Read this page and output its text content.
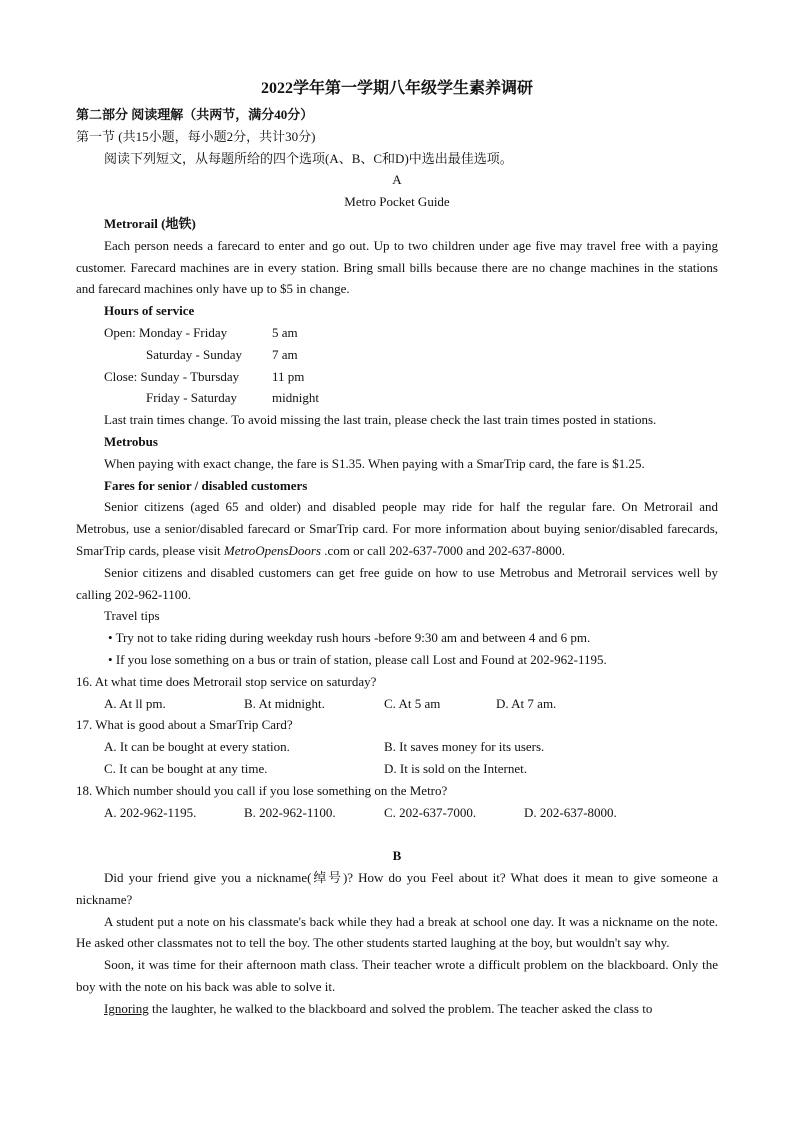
2022学年第一学期八年级学生素养调研
第二部分 阅读理解（共两节，满分40分）
第一节 (共15小题，每小题2分，共计30分)
阅读下列短文，从每题所给的四个选项(A、B、C和D)中选出最佳选项。
A
Metro Pocket Guide
Metrorail (地铁)

Each person needs a farecard to enter and go out. Up to two children under age five may travel free with a paying customer. Farecard machines are in every station. Bring small bills because there are no change machines in the stations and farecard machines only have up to $5 in change.

Hours of service
Open: Monday - Friday	5 am
Saturday - Sunday	7 am
Close: Sunday - Tbursday	11 pm
Friday - Saturday	midnight
Last train times change. To avoid missing the last train, please check the last train times posted in stations.
Metrobus
When paying with exact change, the fare is S1.35. When paying with a SmarTrip card, the fare is $1.25.
Fares for senior / disabled customers

Senior citizens (aged 65 and older) and disabled people may ride for half the regular fare. On Metrorail and Metrobus, use a senior/disabled farecard or SmarTrip card. For more information about buying senior/disabled farecards, SmarTrip cards, please visit MetroOpensDoors .com or call 202-637-7000 and 202-637-8000.

Senior citizens and disabled customers can get free guide on how to use Metrobus and Metrorail services well by calling 202-962-1100.

Travel tips
• Try not to take riding during weekday rush hours -before 9:30 am and between 4 and 6 pm.
• If you lose something on a bus or train of station, please call Lost and Found at 202-962-1195.
16. At what time does Metrorail stop service on saturday?
A. At ll pm.	B. At midnight.	C. At 5 am	D. At 7 am.
17. What is good about a SmarTrip Card?
A. It can be bought at every station.	B. It saves money for its users.
C. It can be bought at any time.	D. It is sold on the Internet.
18. Which number should you call if you lose something on the Metro?
A. 202-962-1195.	B. 202-962-1100.	C. 202-637-7000.	D. 202-637-8000.
B

Did your friend give you a nickname(绰号)? How do you Feel about it? What does it mean to give someone a nickname?

A student put a note on his classmate's back while they had a break at school one day. It was a nickname on the note. He asked other classmates not to tell the boy. The other students started laughing at the boy, but wouldn't say why.

Soon, it was time for their afternoon math class. Their teacher wrote a difficult problem on the blackboard. Only the boy with the note on his back was able to solve it.

Ignoring the laughter, he walked to the blackboard and solved the problem. The teacher asked the class to
